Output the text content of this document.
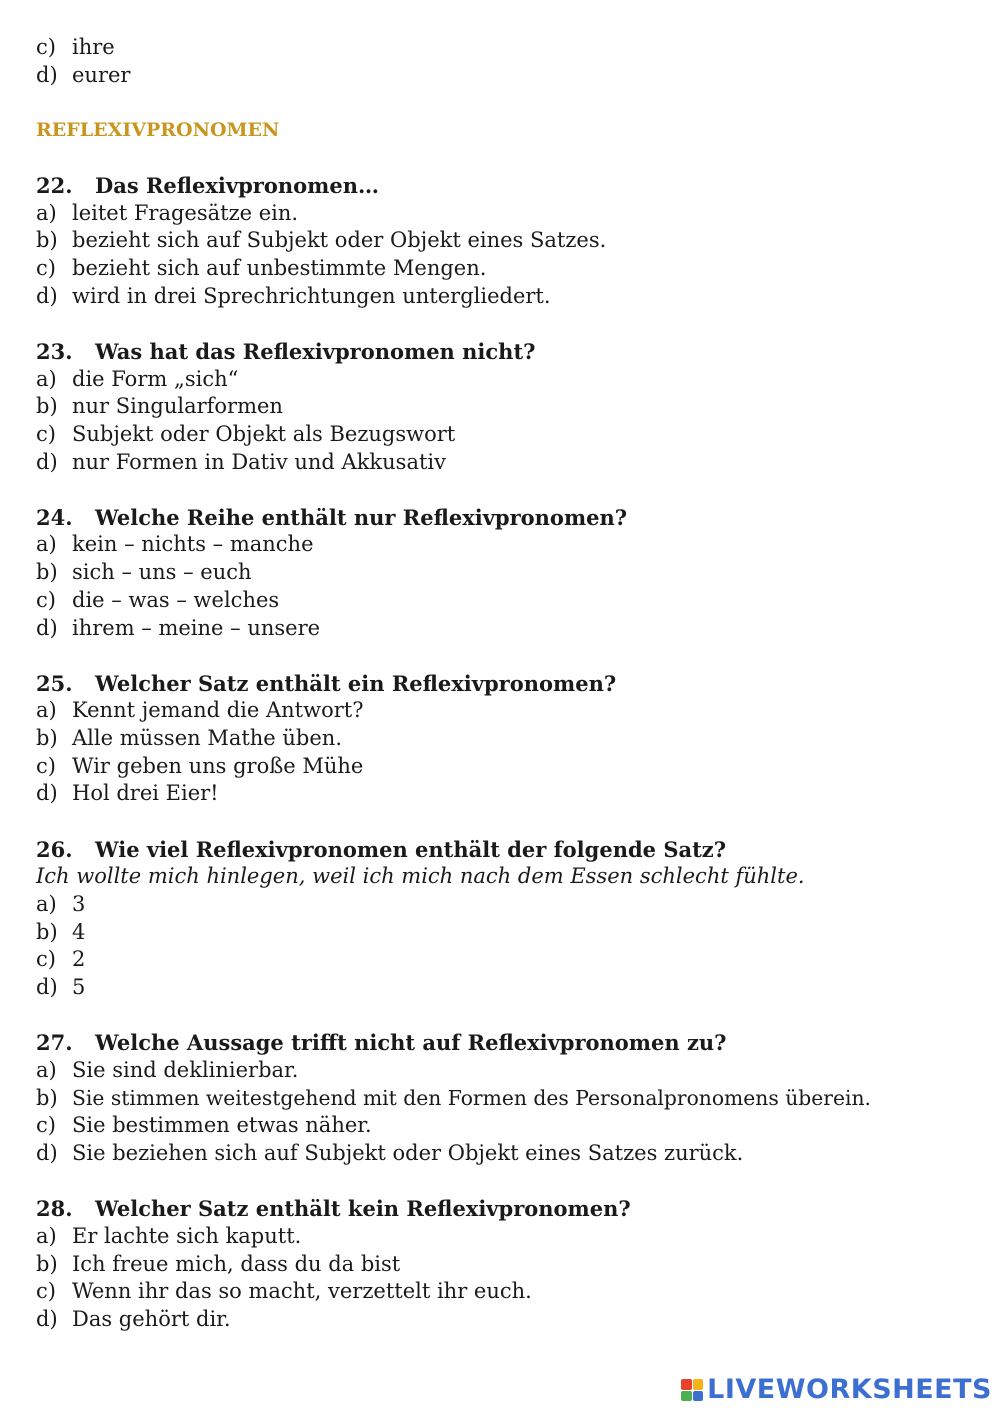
c) ihre
d) eurer
REFLEXIVPRONOMEN
22.	Das Reflexivpronomen…
a) leitet Fragesätze ein.
b) bezieht sich auf Subjekt oder Objekt eines Satzes.
c) bezieht sich auf unbestimmte Mengen.
d) wird in drei Sprechrichtungen untergliedert.
23.	Was hat das Reflexivpronomen nicht?
a) die Form „sich“
b) nur Singularformen
c) Subjekt oder Objekt als Bezugswort
d) nur Formen in Dativ und Akkusativ
24.	Welche Reihe enthält nur Reflexivpronomen?
a) kein – nichts – manche
b) sich – uns – euch
c) die – was – welches
d) ihrem – meine – unsere
25.	Welcher Satz enthält ein Reflexivpronomen?
a) Kennt jemand die Antwort?
b) Alle müssen Mathe üben.
c) Wir geben uns große Mühe
d) Hol drei Eier!
26.	Wie viel Reflexivpronomen enthält der folgende Satz?
Ich wollte mich hinlegen, weil ich mich nach dem Essen schlecht fühlte.
a) 3
b) 4
c) 2
d) 5
27.	Welche Aussage trifft nicht auf Reflexivpronomen zu?
a) Sie sind deklinierbar.
b) Sie stimmen weitestgehend mit den Formen des Personalpronomens überein.
c) Sie bestimmen etwas näher.
d) Sie beziehen sich auf Subjekt oder Objekt eines Satzes zurück.
28.	Welcher Satz enthält kein Reflexivpronomen?
a) Er lachte sich kaputt.
b) Ich freue mich, dass du da bist
c) Wenn ihr das so macht, verzettelt ihr euch.
d) Das gehört dir.
LIVEWORKSHEETS
